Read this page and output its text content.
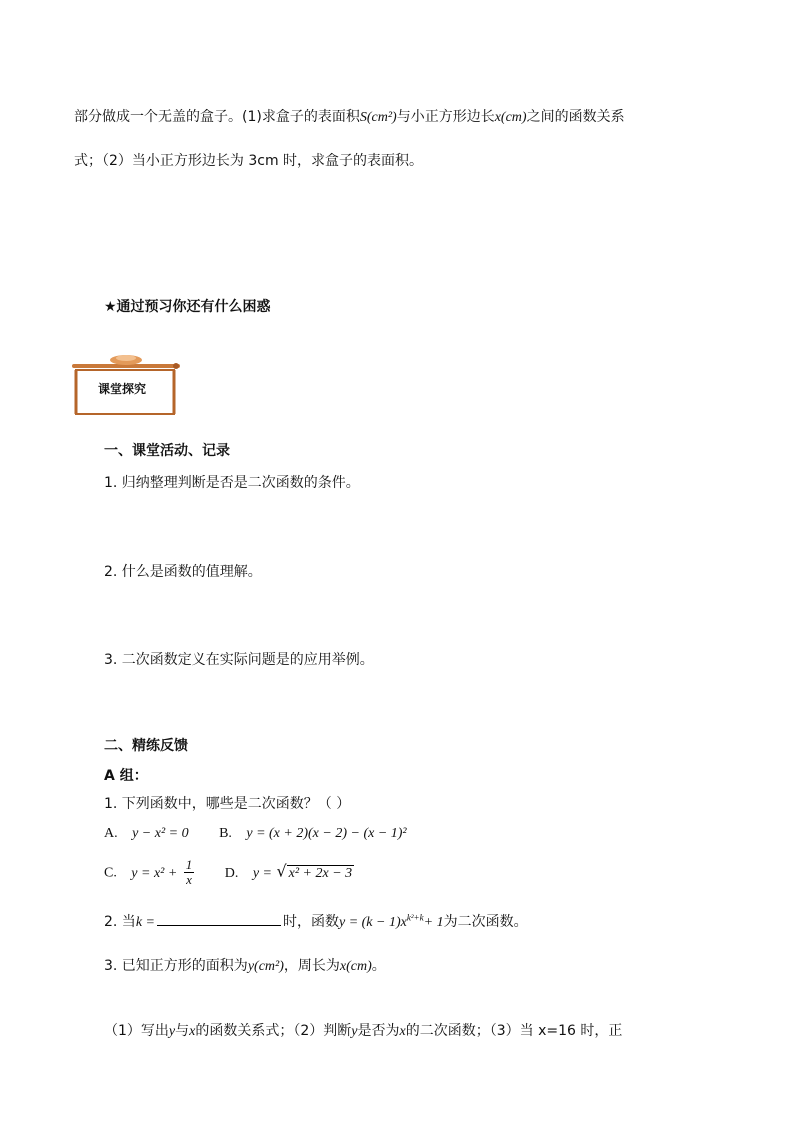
部分做成一个无盖的盒子。(1)求盒子的表面积S(cm²)与小正方形边长x(cm)之间的函数关系
式；（2）当小正方形边长为 3cm 时，求盒子的表面积。
★通过预习你还有什么困惑
课堂探究
一、课堂活动、记录
1. 归纳整理判断是否是二次函数的条件。
2. 什么是函数的值理解。
3. 二次函数定义在实际问题是的应用举例。
二、精练反馈
A 组：
1. 下列函数中，哪些是二次函数？（ ）
A. y − x² = 0 B. y = (x + 2)(x − 2) − (x − 1)²
C. $y = x^2 + \frac{1}{x} D$. y = √ x² + 2x − 3
2. 当k =	时，函数$y = (k - 1)x^{k^2+k}+ 1$为二次函数。
3. 已知正方形的面积为y(cm²)，周长为x(cm)。
（1）写出y与x的函数关系式；（2）判断y是否为x的二次函数；（3）当 x=16 时，正
